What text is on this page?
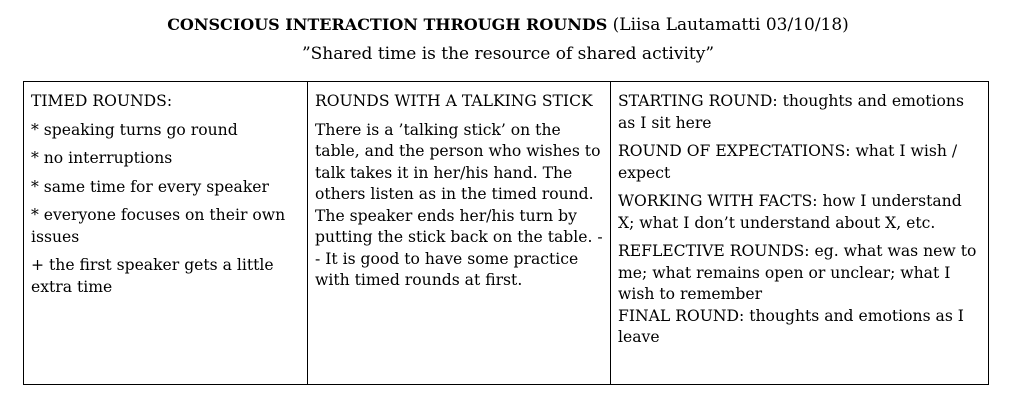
CONSCIOUS INTERACTION THROUGH ROUNDS (Liisa Lautamatti 03/10/18)
”Shared time is the resource of shared activity”
TIMED ROUNDS:
* speaking turns go round
* no interruptions
* same time for every speaker
* everyone focuses on their own issues
+ the first speaker gets a little extra time

ROUNDS WITH A TALKING STICK
There is a ’talking stick’ on the table, and the person who wishes to talk takes it in her/his hand. The others listen as in the timed round. The speaker ends her/his turn by putting the stick back on the table. -- It is good to have some practice with timed rounds at first.

STARTING ROUND: thoughts and emotions as I sit here
ROUND OF EXPECTATIONS: what I wish / expect
WORKING WITH FACTS: how I understand X; what I don’t understand about X, etc.
REFLECTIVE ROUNDS: eg. what was new to me; what remains open or unclear; what I wish to remember
FINAL ROUND: thoughts and emotions as I leave
